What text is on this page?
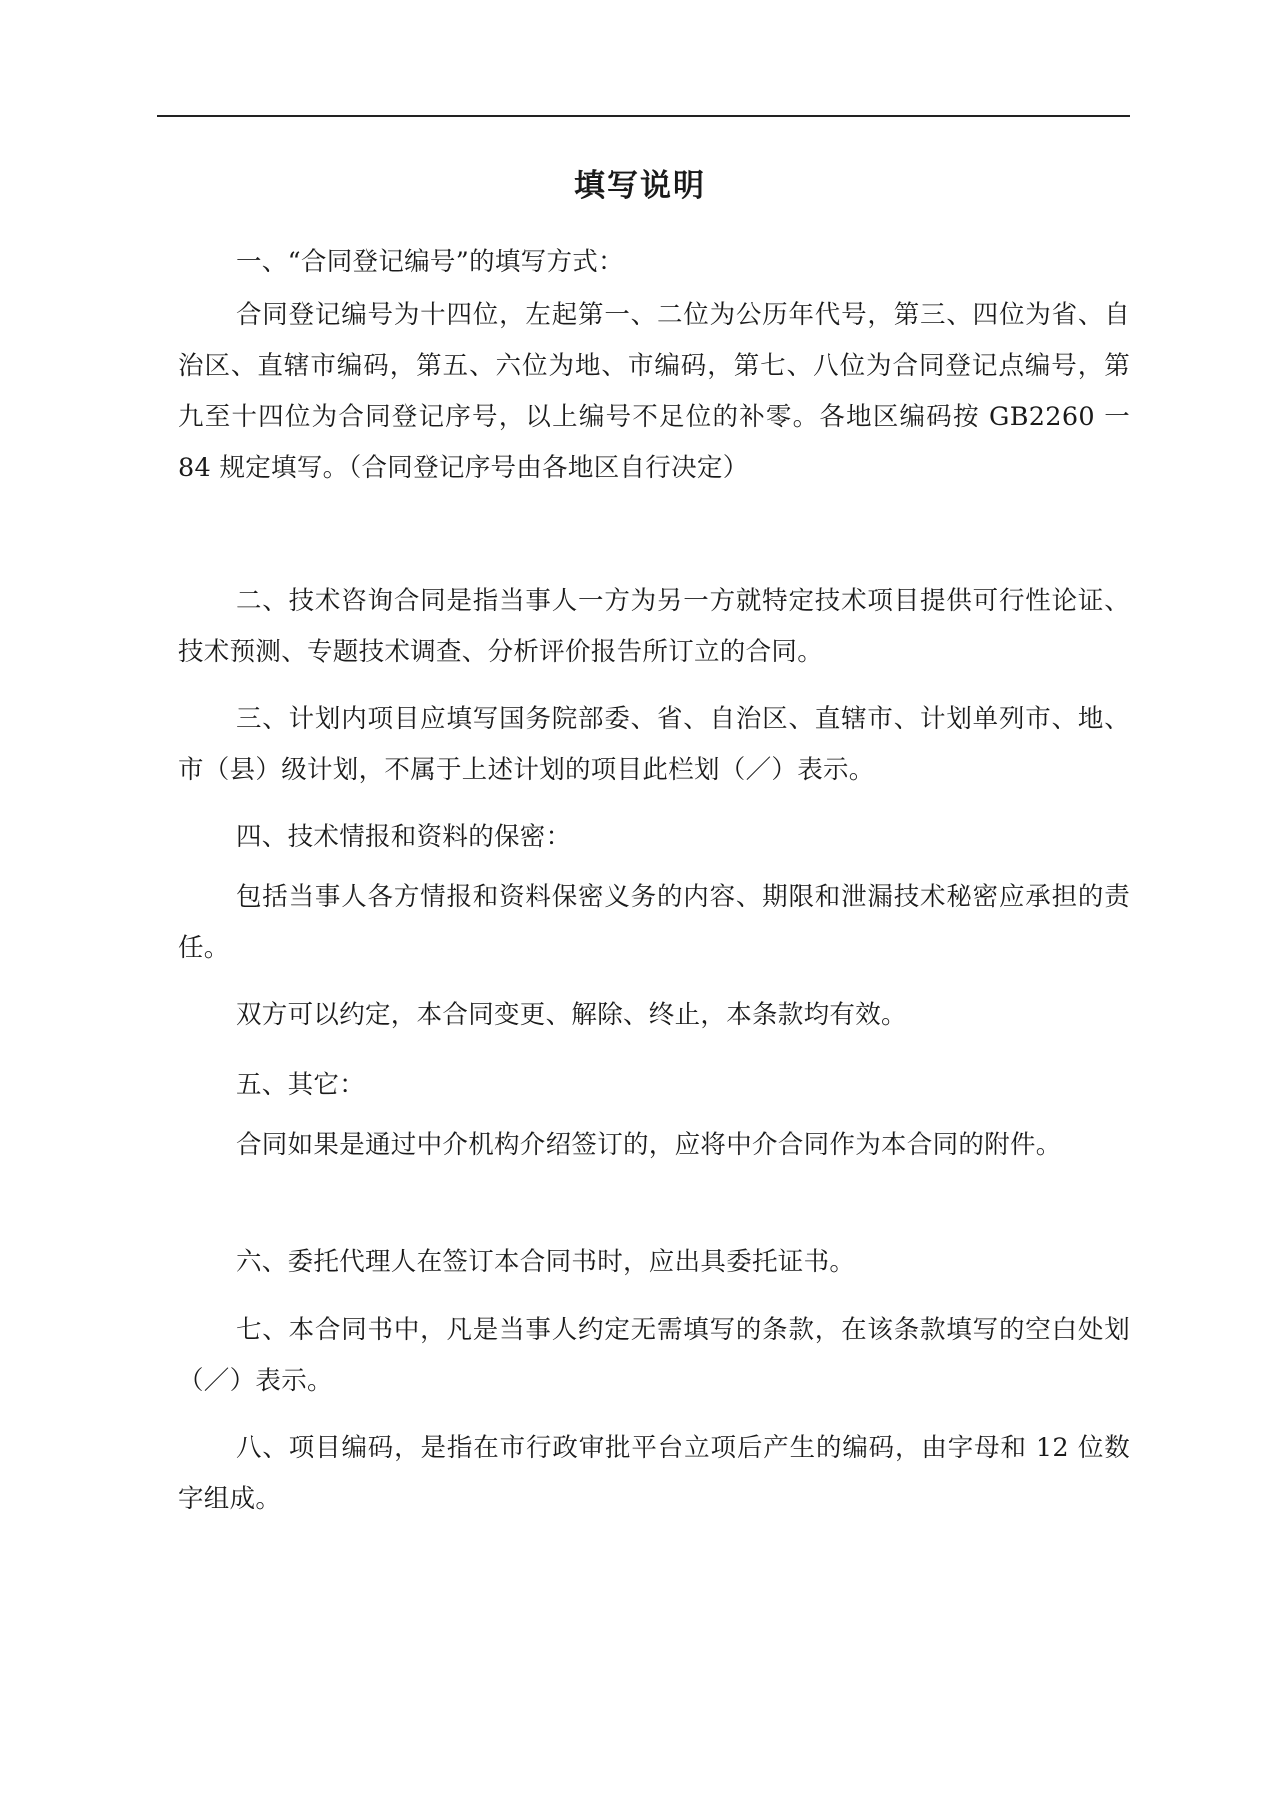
填写说明

一、“合同登记编号”的填写方式：

合同登记编号为十四位，左起第一、二位为公历年代号，第三、四位为省、自治区、直辖市编码，第五、六位为地、市编码，第七、八位为合同登记点编号，第九至十四位为合同登记序号，以上编号不足位的补零。各地区编码按 GB2260 一 84 规定填写。（合同登记序号由各地区自行决定）

二、技术咨询合同是指当事人一方为另一方就特定技术项目提供可行性论证、技术预测、专题技术调查、分析评价报告所订立的合同。

三、计划内项目应填写国务院部委、省、自治区、直辖市、计划单列市、地、市（县）级计划，不属于上述计划的项目此栏划（／）表示。

四、技术情报和资料的保密：

包括当事人各方情报和资料保密义务的内容、期限和泄漏技术秘密应承担的责任。

双方可以约定，本合同变更、解除、终止，本条款均有效。

五、其它：

合同如果是通过中介机构介绍签订的，应将中介合同作为本合同的附件。

六、委托代理人在签订本合同书时，应出具委托证书。

七、本合同书中，凡是当事人约定无需填写的条款，在该条款填写的空白处划（／）表示。

八、项目编码，是指在市行政审批平台立项后产生的编码，由字母和 12 位数字组成。
